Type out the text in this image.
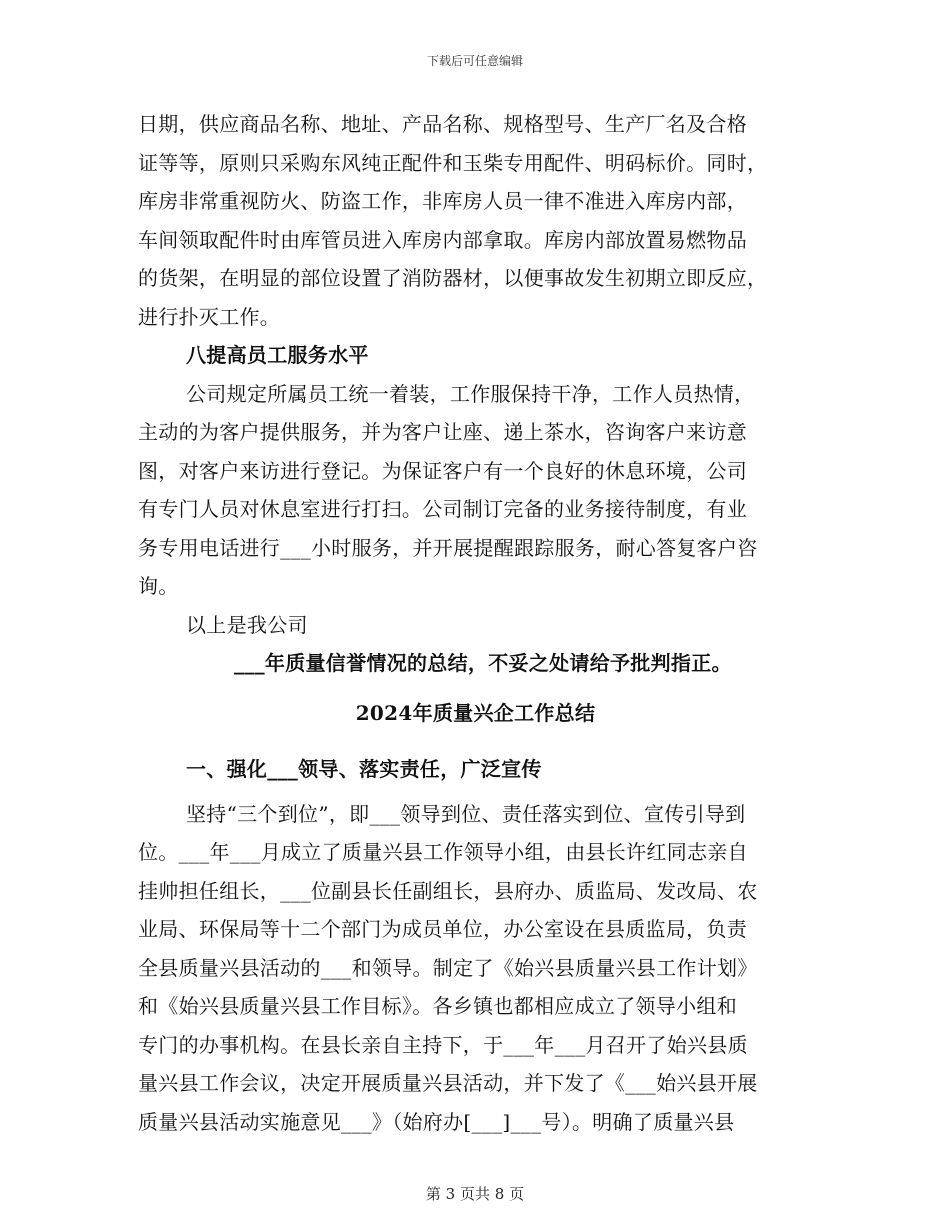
下载后可任意编辑
日期，供应商品名称、地址、产品名称、规格型号、生产厂名及合格
证等等，原则只采购东风纯正配件和玉柴专用配件、明码标价。同时，
库房非常重视防火、防盗工作，非库房人员一律不准进入库房内部，
车间领取配件时由库管员进入库房内部拿取。库房内部放置易燃物品
的货架，在明显的部位设置了消防器材，以便事故发生初期立即反应，
进行扑灭工作。
八提高员工服务水平
公司规定所属员工统一着装，工作服保持干净，工作人员热情，
主动的为客户提供服务，并为客户让座、递上茶水，咨询客户来访意
图，对客户来访进行登记。为保证客户有一个良好的休息环境，公司
有专门人员对休息室进行打扫。公司制订完备的业务接待制度，有业
务专用电话进行___小时服务，并开展提醒跟踪服务，耐心答复客户咨
询。
以上是我公司
___年质量信誉情况的总结，不妥之处请给予批判指正。
2024年质量兴企工作总结
一、强化___领导、落实责任，广泛宣传
坚持“三个到位”，即___领导到位、责任落实到位、宣传引导到
位。___年___月成立了质量兴县工作领导小组，由县长许红同志亲自
挂帅担任组长，___位副县长任副组长，县府办、质监局、发改局、农
业局、环保局等十二个部门为成员单位，办公室设在县质监局，负责
全县质量兴县活动的___和领导。制定了《始兴县质量兴县工作计划》
和《始兴县质量兴县工作目标》。各乡镇也都相应成立了领导小组和
专门的办事机构。在县长亲自主持下，于___年___月召开了始兴县质
量兴县工作会议，决定开展质量兴县活动，并下发了《___始兴县开展
质量兴县活动实施意见___》（始府办[___]___号）。明确了质量兴县
第 3 页共 8 页
